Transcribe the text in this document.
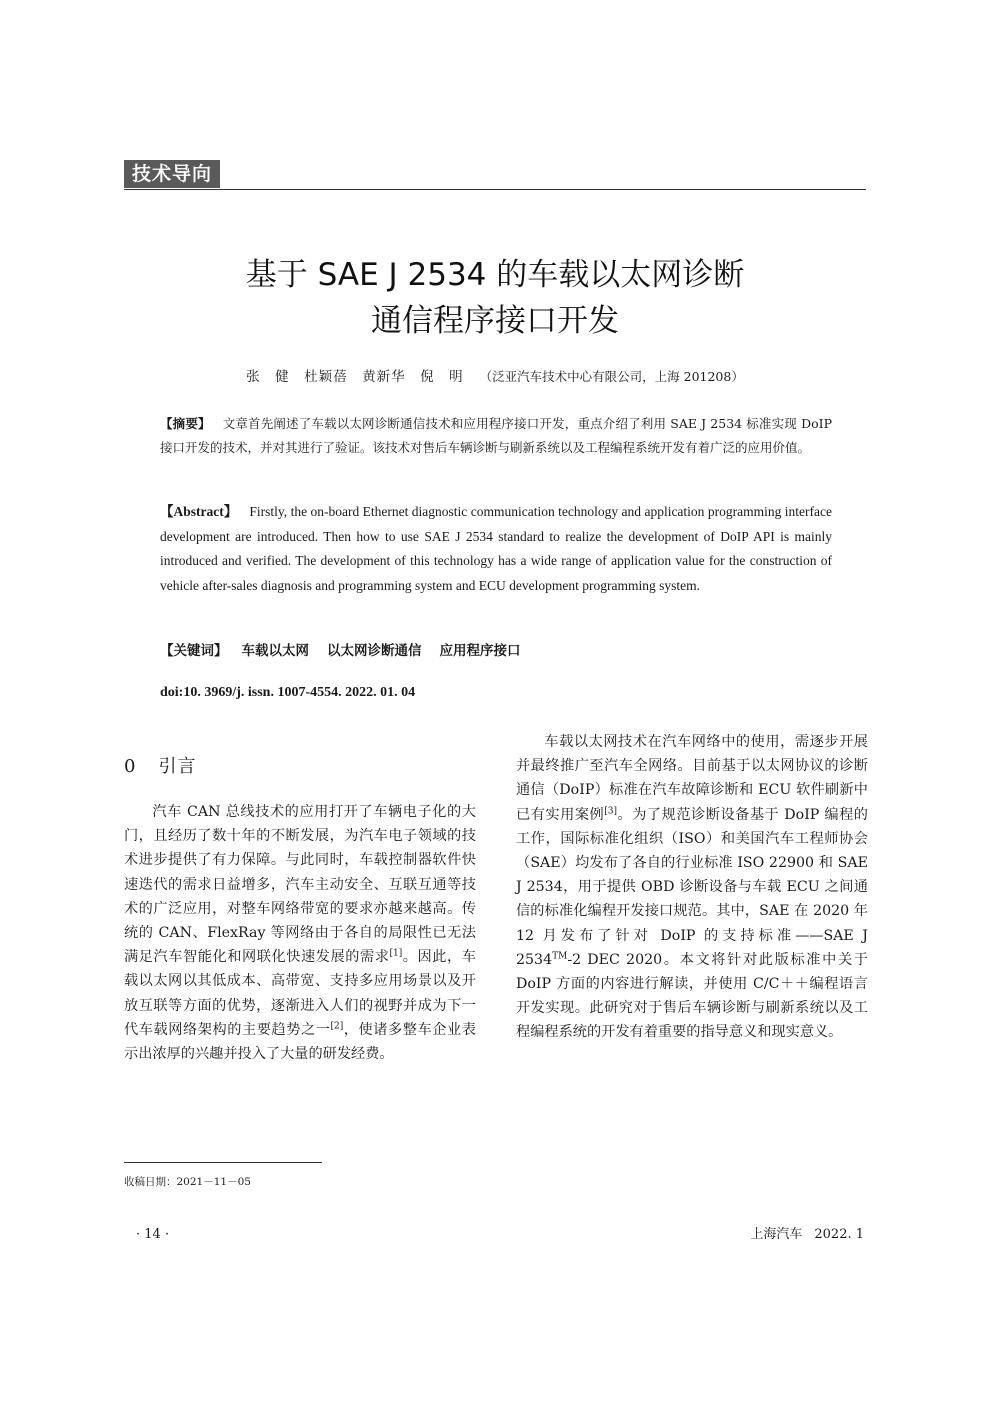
技术导向
基于 SAE J 2534 的车载以太网诊断
通信程序接口开发
张　健　杜颖蓓　黄新华　倪　明 （泛亚汽车技术中心有限公司，上海 201208）
【摘要】 文章首先阐述了车载以太网诊断通信技术和应用程序接口开发，重点介绍了利用 SAE J 2534 标准实现 DoIP 接口开发的技术，并对其进行了验证。该技术对售后车辆诊断与刷新系统以及工程编程系统开发有着广泛的应用价值。
【Abstract】 Firstly, the on-board Ethernet diagnostic communication technology and application programming interface development are introduced. Then how to use SAE J 2534 standard to realize the development of DoIP API is mainly introduced and verified. The development of this technology has a wide range of application value for the construction of vehicle after-sales diagnosis and programming system and ECU development programming system.
【关键词】 车载以太网 以太网诊断通信 应用程序接口
doi:10. 3969/j. issn. 1007-4554. 2022. 01. 04
0 引言

汽车 CAN 总线技术的应用打开了车辆电子化的大门，且经历了数十年的不断发展，为汽车电子领域的技术进步提供了有力保障。与此同时，车载控制器软件快速迭代的需求日益增多，汽车主动安全、互联互通等技术的广泛应用，对整车网络带宽的要求亦越来越高。传统的 CAN、FlexRay 等网络由于各自的局限性已无法满足汽车智能化和网联化快速发展的需求[1]。因此，车载以太网以其低成本、高带宽、支持多应用场景以及开放互联等方面的优势，逐渐进入人们的视野并成为下一代车载网络架构的主要趋势之一[2]，使诸多整车企业表示出浓厚的兴趣并投入了大量的研发经费。

车载以太网技术在汽车网络中的使用，需逐步开展并最终推广至汽车全网络。目前基于以太网协议的诊断通信（DoIP）标准在汽车故障诊断和 ECU 软件刷新中已有实用案例[3]。为了规范诊断设备基于 DoIP 编程的工作，国际标准化组织（ISO）和美国汽车工程师协会（SAE）均发布了各自的行业标准 ISO 22900 和 SAE J 2534，用于提供 OBD 诊断设备与车载 ECU 之间通信的标准化编程开发接口规范。其中，SAE 在 2020 年 12 月发布了针对 DoIP 的支持标准——SAE J 2534™-2 DEC 2020。本文将针对此版标准中关于 DoIP 方面的内容进行解读，并使用 C/C＋＋编程语言开发实现。此研究对于售后车辆诊断与刷新系统以及工程编程系统的开发有着重要的指导意义和现实意义。

收稿日期：2021－11－05
· 14 ·	上海汽车 2022. 1
